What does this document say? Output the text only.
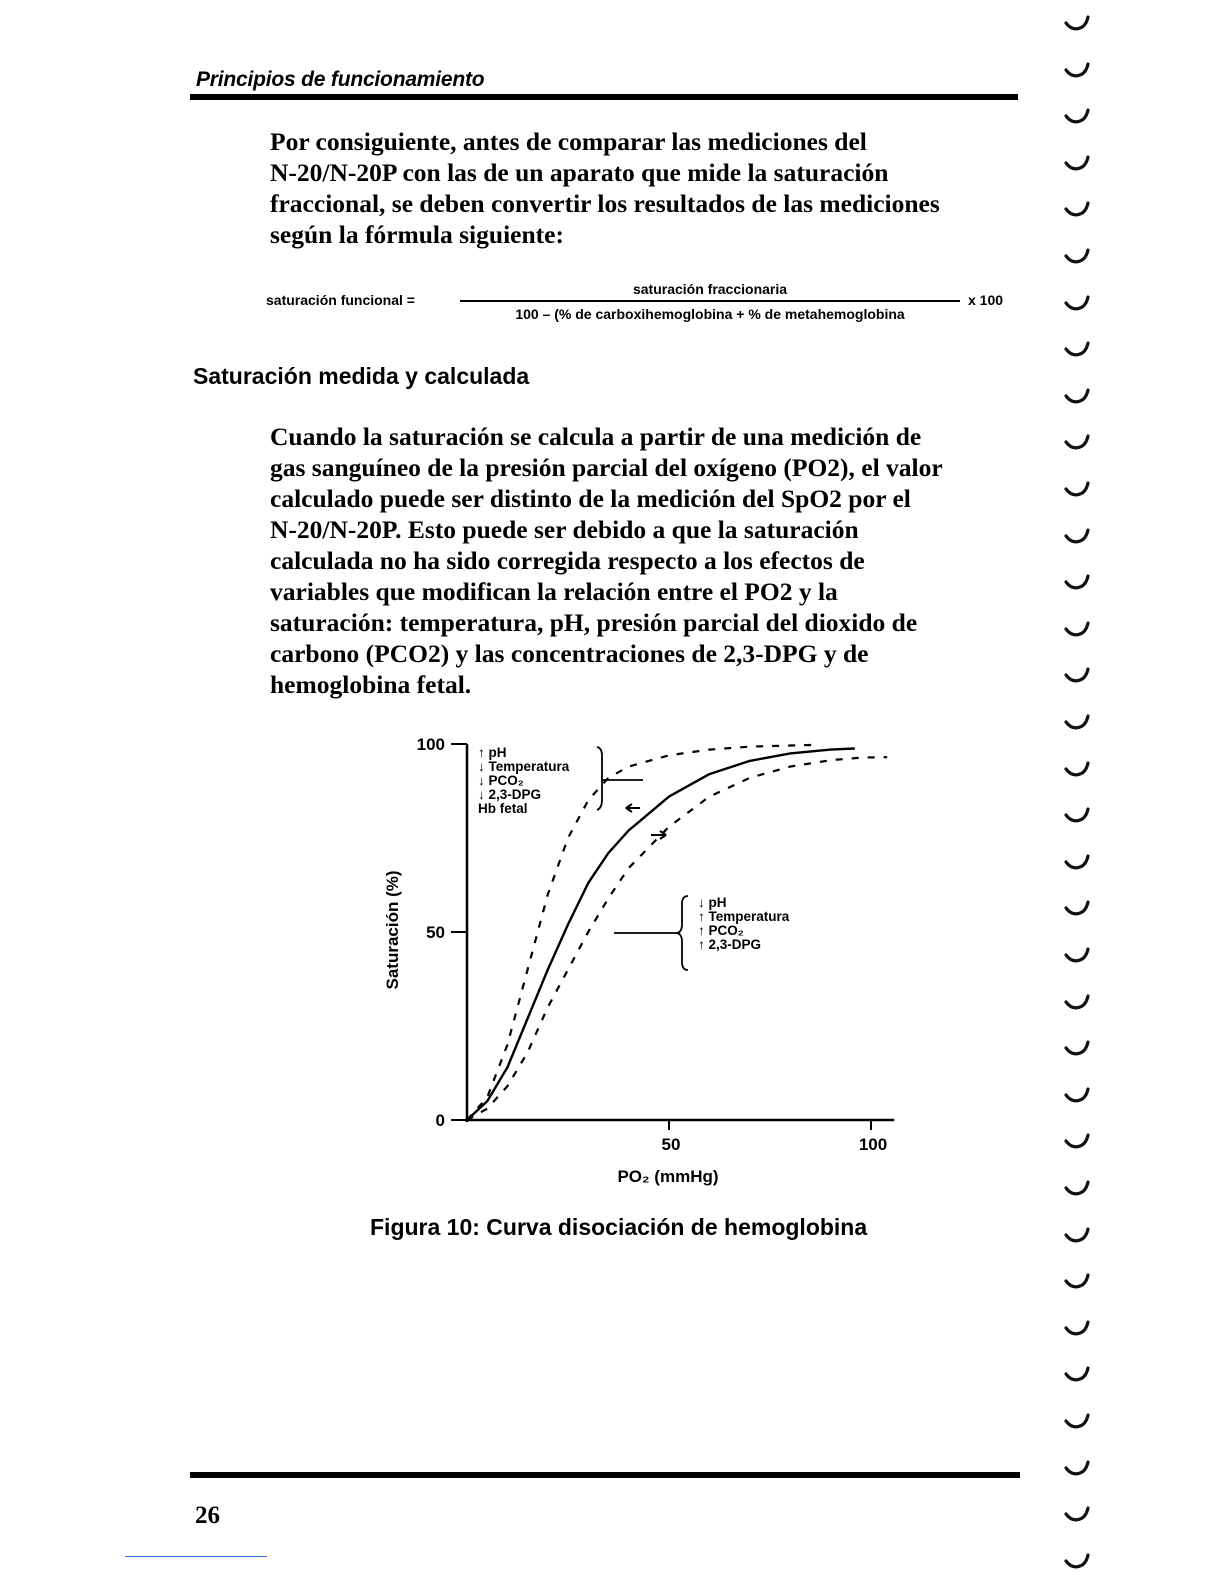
Principios de funcionamiento

Por consiguiente, antes de comparar las mediciones del

N-20/N-20P con las de un aparato que mide la saturación

fraccional, se deben convertir los resultados de las mediciones

según la fórmula siguiente:

saturación funcional =
saturación fraccionaria
100 – (% de carboxihemoglobina + % de metahemoglobina
x 100
Saturación medida y calculada

Cuando la saturación se calcula a partir de una medición de

gas sanguíneo de la presión parcial del oxígeno (PO2), el valor

calculado puede ser distinto de la medición del SpO2 por el

N-20/N-20P. Esto puede ser debido a que la saturación

calculada no ha sido corregida respecto a los efectos de

variables que modifican la relación entre el PO2 y la

saturación: temperatura, pH, presión parcial del dioxido de

carbono (PCO2) y las concentraciones de 2,3-DPG y de

hemoglobina fetal.

0
50
100
50	100
PO₂ (mmHg)
Saturación (%)
↑ pH
↓ Temperatura
↓ PCO₂
↓ 2,3-DPG
Hb fetal
↓ pH
↑ Temperatura
↑ PCO₂
↑ 2,3-DPG
Figura 10: Curva disociación de hemoglobina
26
